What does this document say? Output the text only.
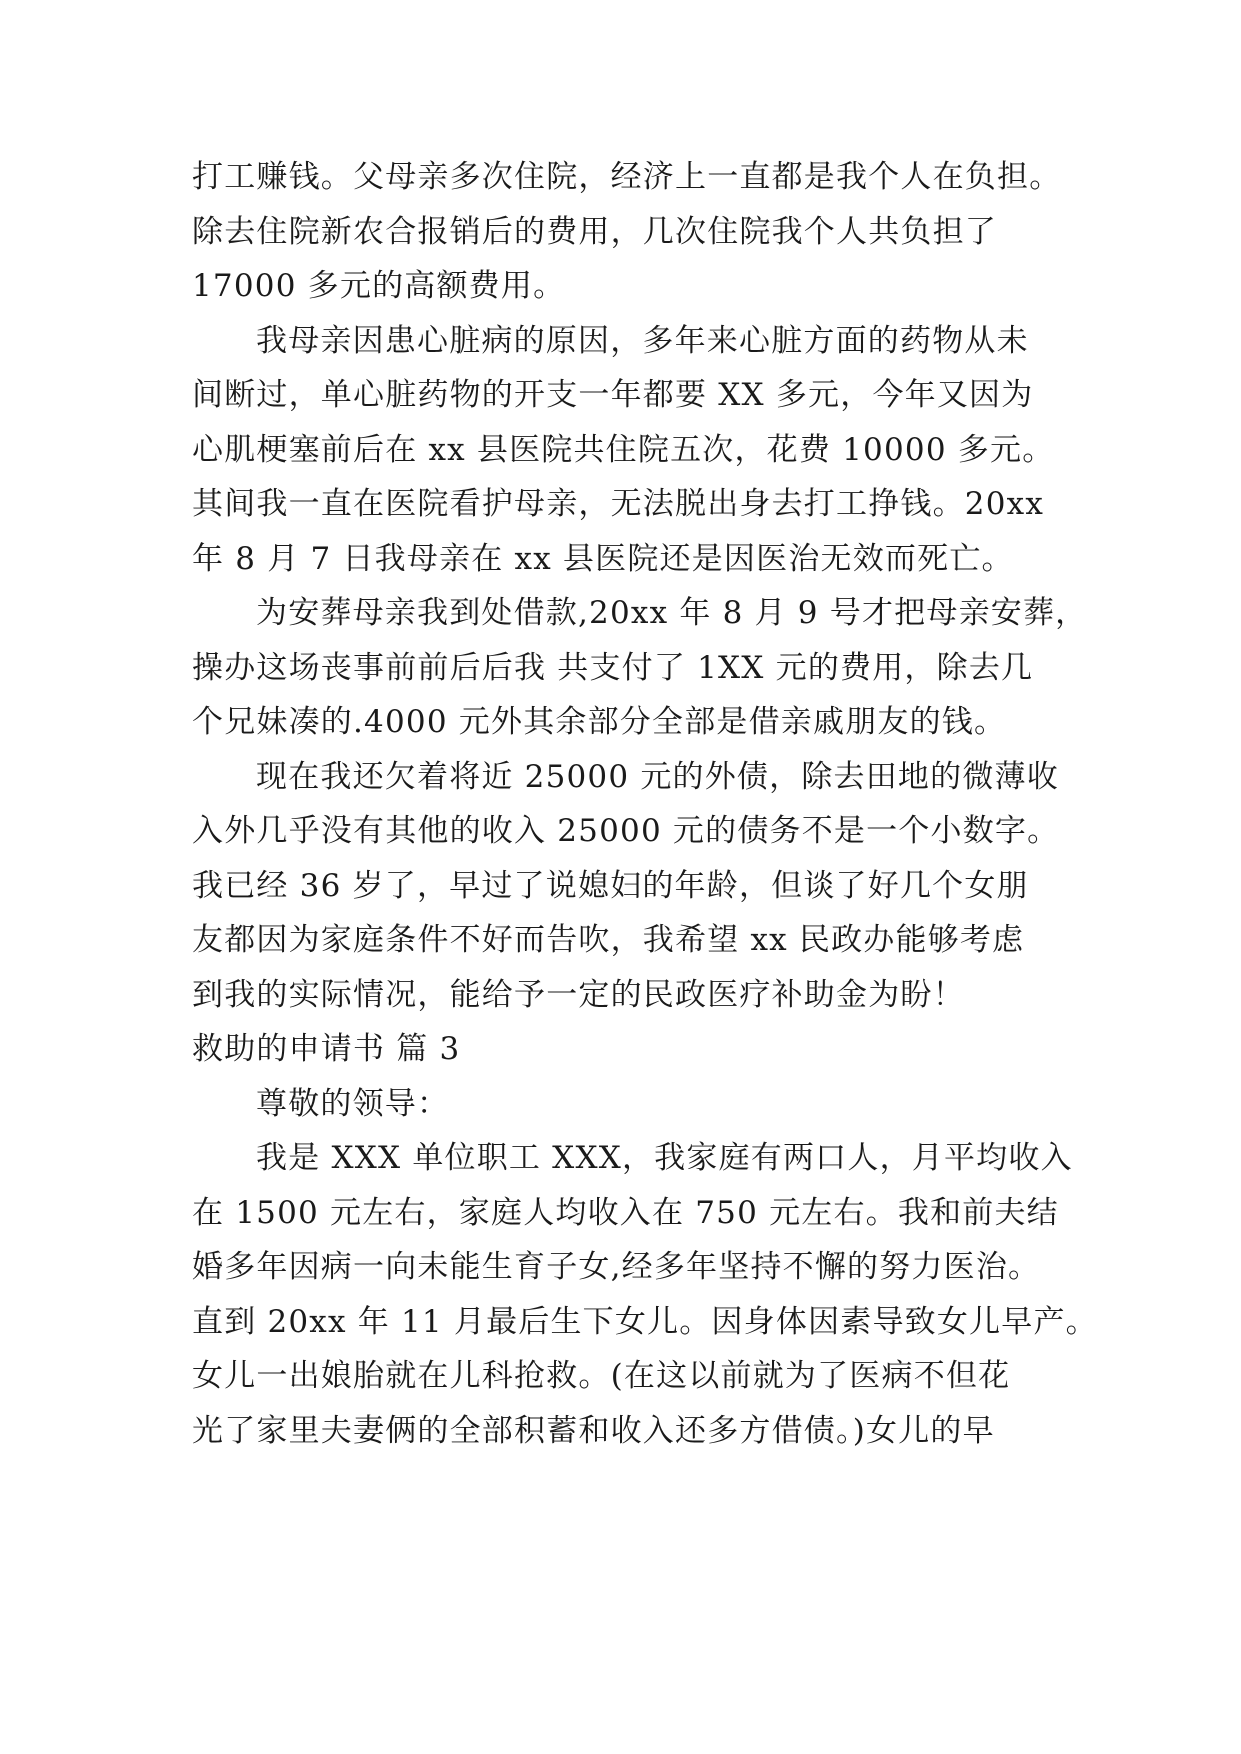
打工赚钱。父母亲多次住院，经济上一直都是我个人在负担。
除去住院新农合报销后的费用，几次住院我个人共负担了
17000 多元的高额费用。
我母亲因患心脏病的原因，多年来心脏方面的药物从未
间断过，单心脏药物的开支一年都要 XX 多元，今年又因为
心肌梗塞前后在 xx 县医院共住院五次，花费 10000 多元。
其间我一直在医院看护母亲，无法脱出身去打工挣钱。20xx
年 8 月 7 日我母亲在 xx 县医院还是因医治无效而死亡。
为安葬母亲我到处借款,20xx 年 8 月 9 号才把母亲安葬，
操办这场丧事前前后后我 共支付了 1XX 元的费用，除去几
个兄妹凑的.4000 元外其余部分全部是借亲戚朋友的钱。
现在我还欠着将近 25000 元的外债，除去田地的微薄收
入外几乎没有其他的收入 25000 元的债务不是一个小数字。
我已经 36 岁了，早过了说媳妇的年龄，但谈了好几个女朋
友都因为家庭条件不好而告吹，我希望 xx 民政办能够考虑
到我的实际情况，能给予一定的民政医疗补助金为盼！
救助的申请书 篇 3
尊敬的领导：
我是 XXX 单位职工 XXX，我家庭有两口人，月平均收入
在 1500 元左右，家庭人均收入在 750 元左右。我和前夫结
婚多年因病一向未能生育子女,经多年坚持不懈的努力医治。
直到 20xx 年 11 月最后生下女儿。因身体因素导致女儿早产。
女儿一出娘胎就在儿科抢救。(在这以前就为了医病不但花
光了家里夫妻俩的全部积蓄和收入还多方借债。)女儿的早
